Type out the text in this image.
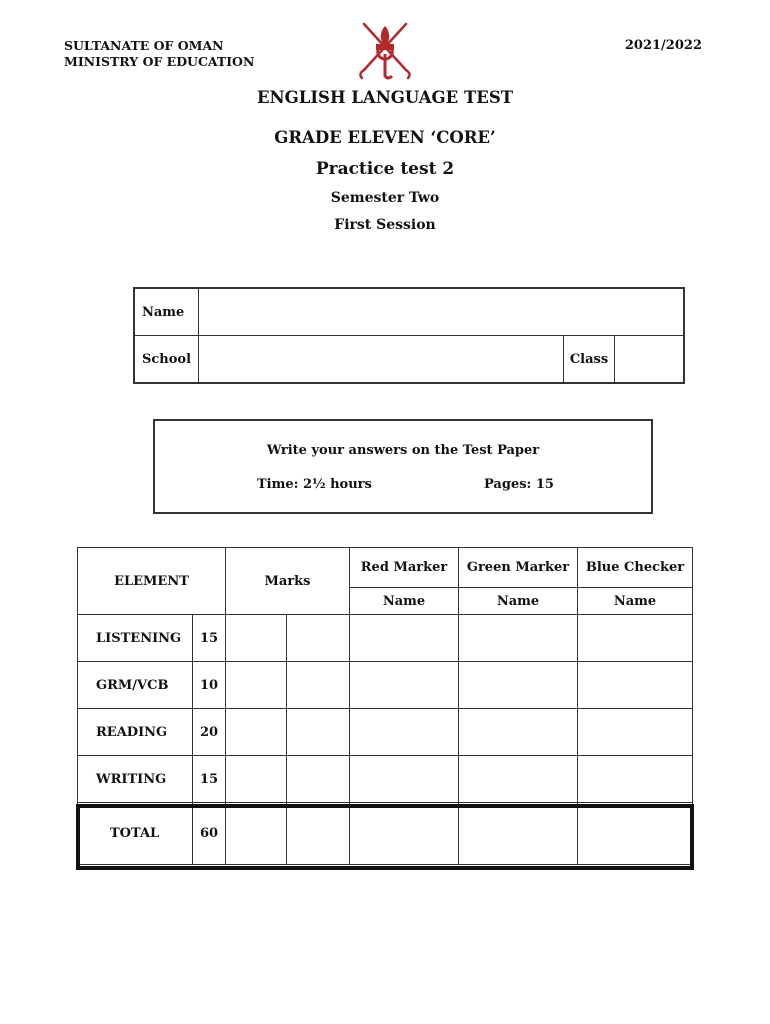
SULTANATE OF OMAN
MINISTRY OF EDUCATION
2021/2022
ENGLISH LANGUAGE TEST
GRADE ELEVEN ‘CORE’
Practice test 2
Semester Two
First Session
Name			
School		Class	
Write your answers on the Test Paper
Time: 2½ hours	Pages: 15
ELEMENT		Marks		Red Marker	Green Marker	Blue Checker
				Name	Name	Name
LISTENING	15					
GRM/VCB	10					
READING	20					
WRITING	15					
TOTAL	60					
